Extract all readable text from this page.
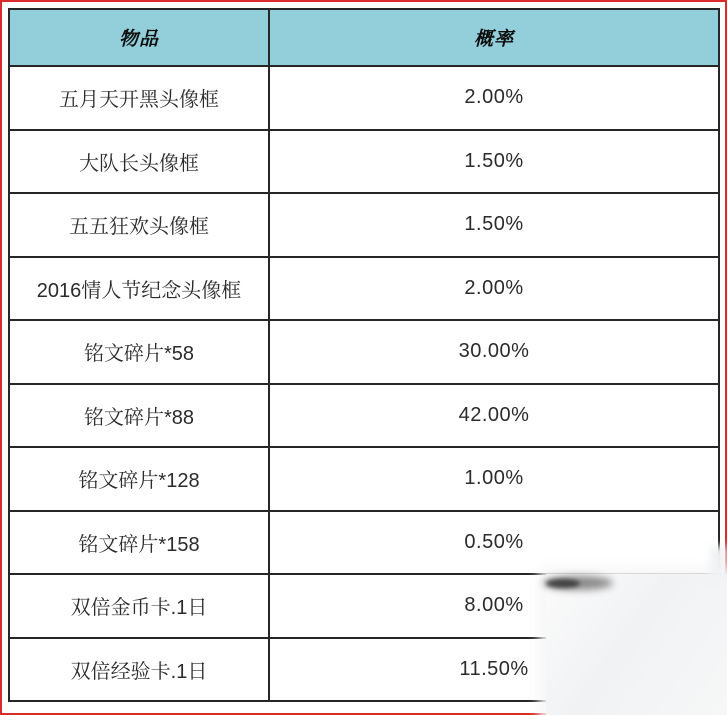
物品	概率
五月天开黑头像框	2.00%
大队长头像框	1.50%
五五狂欢头像框	1.50%
2016情人节纪念头像框	2.00%
铭文碎片*58	30.00%
铭文碎片*88	42.00%
铭文碎片*128	1.00%
铭文碎片*158	0.50%
双倍金币卡.1日	8.00%
双倍经验卡.1日	11.50%
